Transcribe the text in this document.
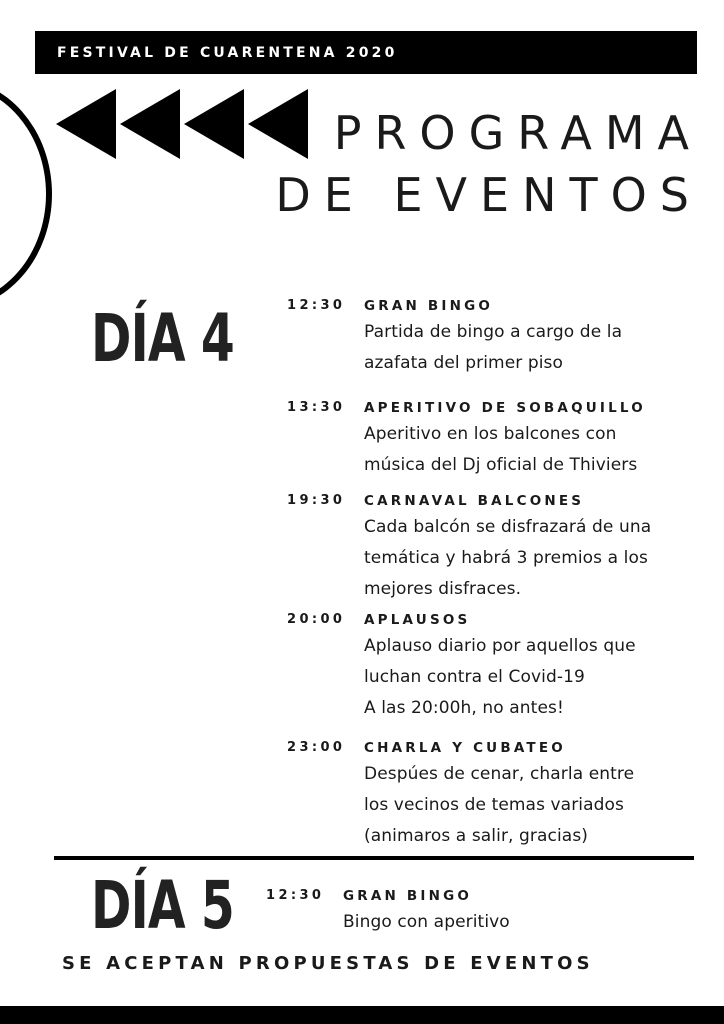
FESTIVAL DE CUARENTENA 2020
PROGRAMA
DE EVENTOS
DÍA 4	12:30 GRAN BINGO
Partida de bingo a cargo de la
azafata del primer piso
13:30 APERITIVO DE SOBAQUILLO
Aperitivo en los balcones con
música del Dj oficial de Thiviers
19:30 CARNAVAL BALCONES
Cada balcón se disfrazará de una
temática y habrá 3 premios a los
mejores disfraces.
20:00 APLAUSOS
Aplauso diario por aquellos que
luchan contra el Covid-19
A las 20:00h, no antes!
23:00 CHARLA Y CUBATEO
Despúes de cenar, charla entre
los vecinos de temas variados
(animaros a salir, gracias)
DÍA 5 12:30 GRAN BINGO
Bingo con aperitivo
SE ACEPTAN PROPUESTAS DE EVENTOS
